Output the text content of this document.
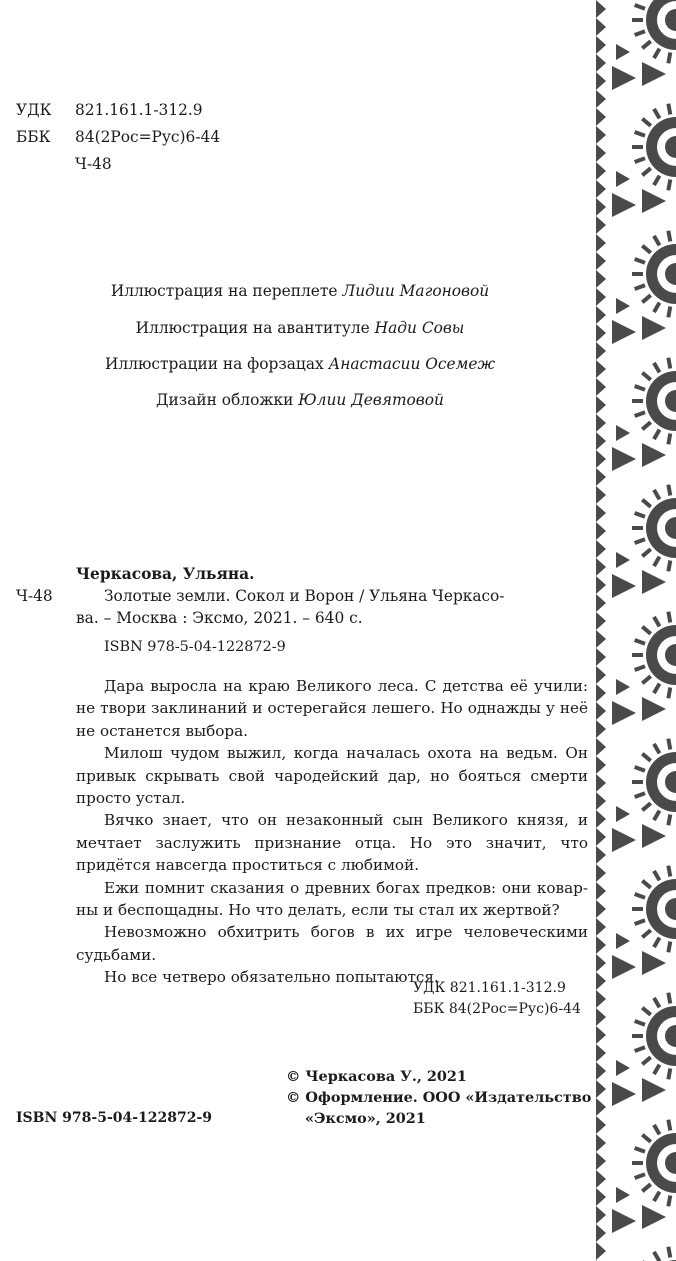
УДК 821.161.1-312.9
ББК 84(2Рос=Рус)6-44
Ч-48
Иллюстрация на переплете Лидии Магоновой
Иллюстрация на авантитуле Нади Совы
Иллюстрации на форзацах Анастасии Осемеж
Дизайн обложки Юлии Девятовой
Черкасова, Ульяна.
Ч-48	Золотые земли. Сокол и Ворон / Ульяна Черкасо-
ва. – Москва : Эксмо, 2021. – 640 с.
ISBN 978-5-04-122872-9

Дара выросла на краю Великого леса. С детства её учили: не твори заклинаний и остерегайся лешего. Но однажды у неё не останется выбора.

Милош чудом выжил, когда началась охота на ведьм. Он привык скрывать свой чародейский дар, но бояться смерти просто устал.

Вячко знает, что он незаконный сын Великого князя, и мечтает заслужить признание отца. Но это значит, что придётся навсегда проститься с любимой.

Ежи помнит сказания о древних богах предков: они коварны и беспощадны. Но что делать, если ты стал их жертвой?

Невозможно обхитрить богов в их игре человеческими судьбами.

Но все четверо обязательно попытаются.

УДК 821.161.1-312.9
ББК 84(2Рос=Рус)6-44
© Черкасова У., 2021
© Оформление. ООО «Издательство
«Эксмо», 2021
ISBN 978-5-04-122872-9
